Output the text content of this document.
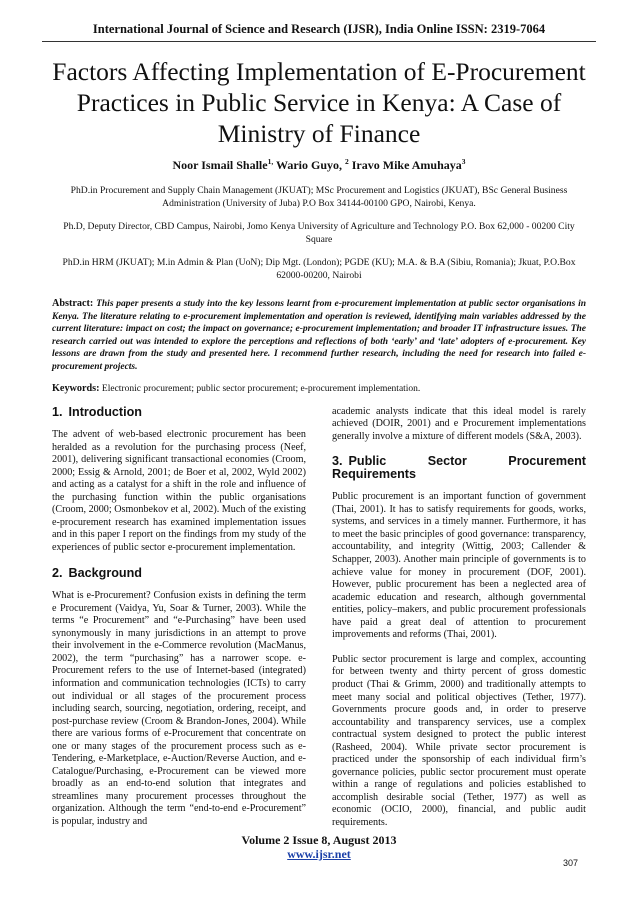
International Journal of Science and Research (IJSR), India Online ISSN: 2319-7064
Factors Affecting Implementation of E-Procurement Practices in Public Service in Kenya: A Case of Ministry of Finance
Noor Ismail Shalle$^{1,}$ Wario Guyo, $^2$ Iravo Mike Amuhaya$^3$
PhD.in Procurement and Supply Chain Management (JKUAT); MSc Procurement and Logistics (JKUAT), BSc General Business Administration (University of Juba) P.O Box 34144-00100 GPO, Nairobi, Kenya.
Ph.D, Deputy Director, CBD Campus, Nairobi, Jomo Kenya University of Agriculture and Technology P.O. Box 62,000 - 00200 City Square
PhD.in HRM (JKUAT); M.in Admin & Plan (UoN); Dip Mgt. (London); PGDE (KU); M.A. & B.A (Sibiu, Romania); Jkuat, P.O.Box 62000-00200, Nairobi
Abstract: This paper presents a study into the key lessons learnt from e-procurement implementation at public sector organisations in Kenya. The literature relating to e-procurement implementation and operation is reviewed, identifying main variables addressed by the current literature: impact on cost; the impact on governance; e-procurement implementation; and broader IT infrastructure issues. The research carried out was intended to explore the perceptions and reflections of both ‘early’ and ‘late’ adopters of e-procurement. Key lessons are drawn from the study and presented here. I recommend further research, including the need for research into failed e-procurement projects.
Keywords: Electronic procurement; public sector procurement; e-procurement implementation.
1. Introduction

The advent of web-based electronic procurement has been heralded as a revolution for the purchasing process (Neef, 2001), delivering significant transactional economies (Croom, 2000; Essig & Arnold, 2001; de Boer et al, 2002, Wyld 2002) and acting as a catalyst for a shift in the role and influence of the purchasing function within the public organisations (Croom, 2000; Osmonbekov et al, 2002). Much of the existing e-procurement research has examined implementation issues and in this paper I report on the findings from my study of the experiences of public sector e-procurement implementation.

2. Background

What is e-Procurement? Confusion exists in defining the term e Procurement (Vaidya, Yu, Soar & Turner, 2003). While the terms “e Procurement” and “e-Purchasing” have been used synonymously in many jurisdictions in an attempt to prove their involvement in the e-Commerce revolution (MacManus, 2002), the term “purchasing” has a narrower scope. e-Procurement refers to the use of Internet-based (integrated) information and communication technologies (ICTs) to carry out individual or all stages of the procurement process including search, sourcing, negotiation, ordering, receipt, and post-purchase review (Croom & Brandon-Jones, 2004). While there are various forms of e-Procurement that concentrate on one or many stages of the procurement process such as e-Tendering, e-Marketplace, e-Auction/Reverse Auction, and e-Catalogue/Purchasing, e-Procurement can be viewed more broadly as an end-to-end solution that integrates and streamlines many procurement processes throughout the organization. Although the term “end-to-end e-Procurement” is popular, industry and

academic analysts indicate that this ideal model is rarely achieved (DOIR, 2001) and e Procurement implementations generally involve a mixture of different models (S&A, 2003).

3. Public Sector Procurement Requirements

Public procurement is an important function of government (Thai, 2001). It has to satisfy requirements for goods, works, systems, and services in a timely manner. Furthermore, it has to meet the basic principles of good governance: transparency, accountability, and integrity (Wittig, 2003; Callender & Schapper, 2003). Another main principle of governments is to achieve value for money in procurement (DOF, 2001). However, public procurement has been a neglected area of academic education and research, although governmental entities, policy–makers, and public procurement professionals have paid a great deal of attention to procurement improvements and reforms (Thai, 2001).

Public sector procurement is large and complex, accounting for between twenty and thirty percent of gross domestic product (Thai & Grimm, 2000) and traditionally attempts to meet many social and political objectives (Tether, 1977). Governments procure goods and, in order to preserve accountability and transparency services, use a complex contractual system designed to protect the public interest (Rasheed, 2004). While private sector procurement is practiced under the sponsorship of each individual firm’s governance policies, public sector procurement must operate within a range of regulations and policies established to accomplish desirable social (Tether, 1977) as well as economic (OCIO, 2000), financial, and public audit requirements.

Volume 2 Issue 8, August 2013
www.ijsr.net
307
